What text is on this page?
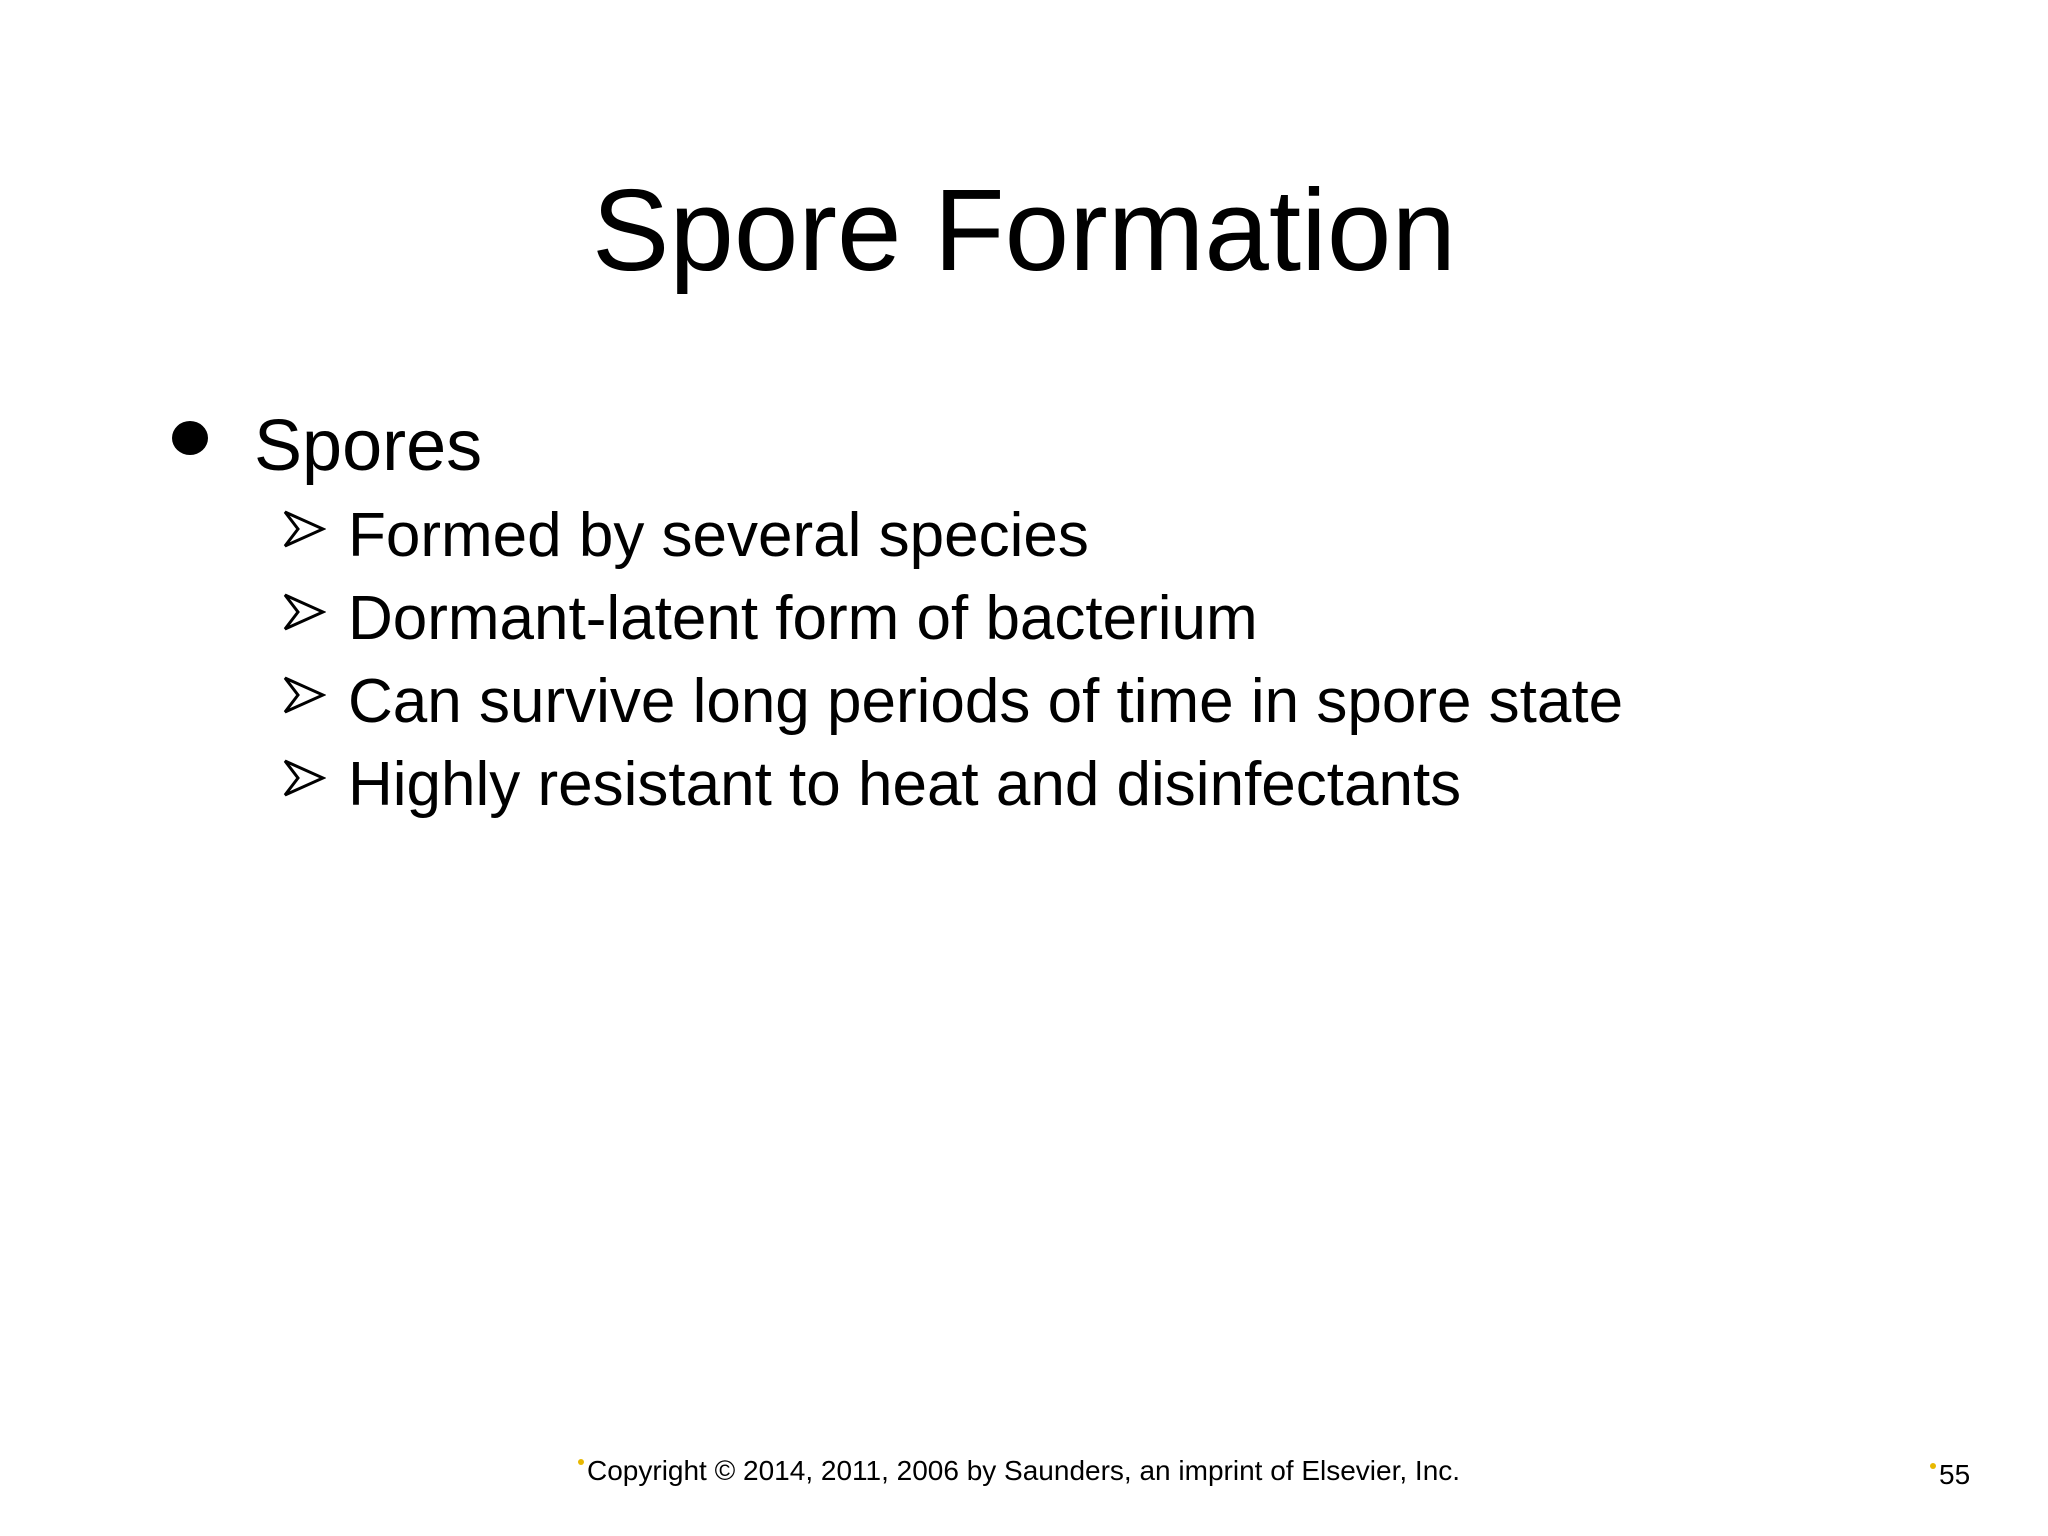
Spore Formation
Spores
Formed by several species
Dormant-latent form of bacterium
Can survive long periods of time in spore state
Highly resistant to heat and disinfectants
Copyright © 2014, 2011, 2006 by Saunders, an imprint of Elsevier, Inc.	55
